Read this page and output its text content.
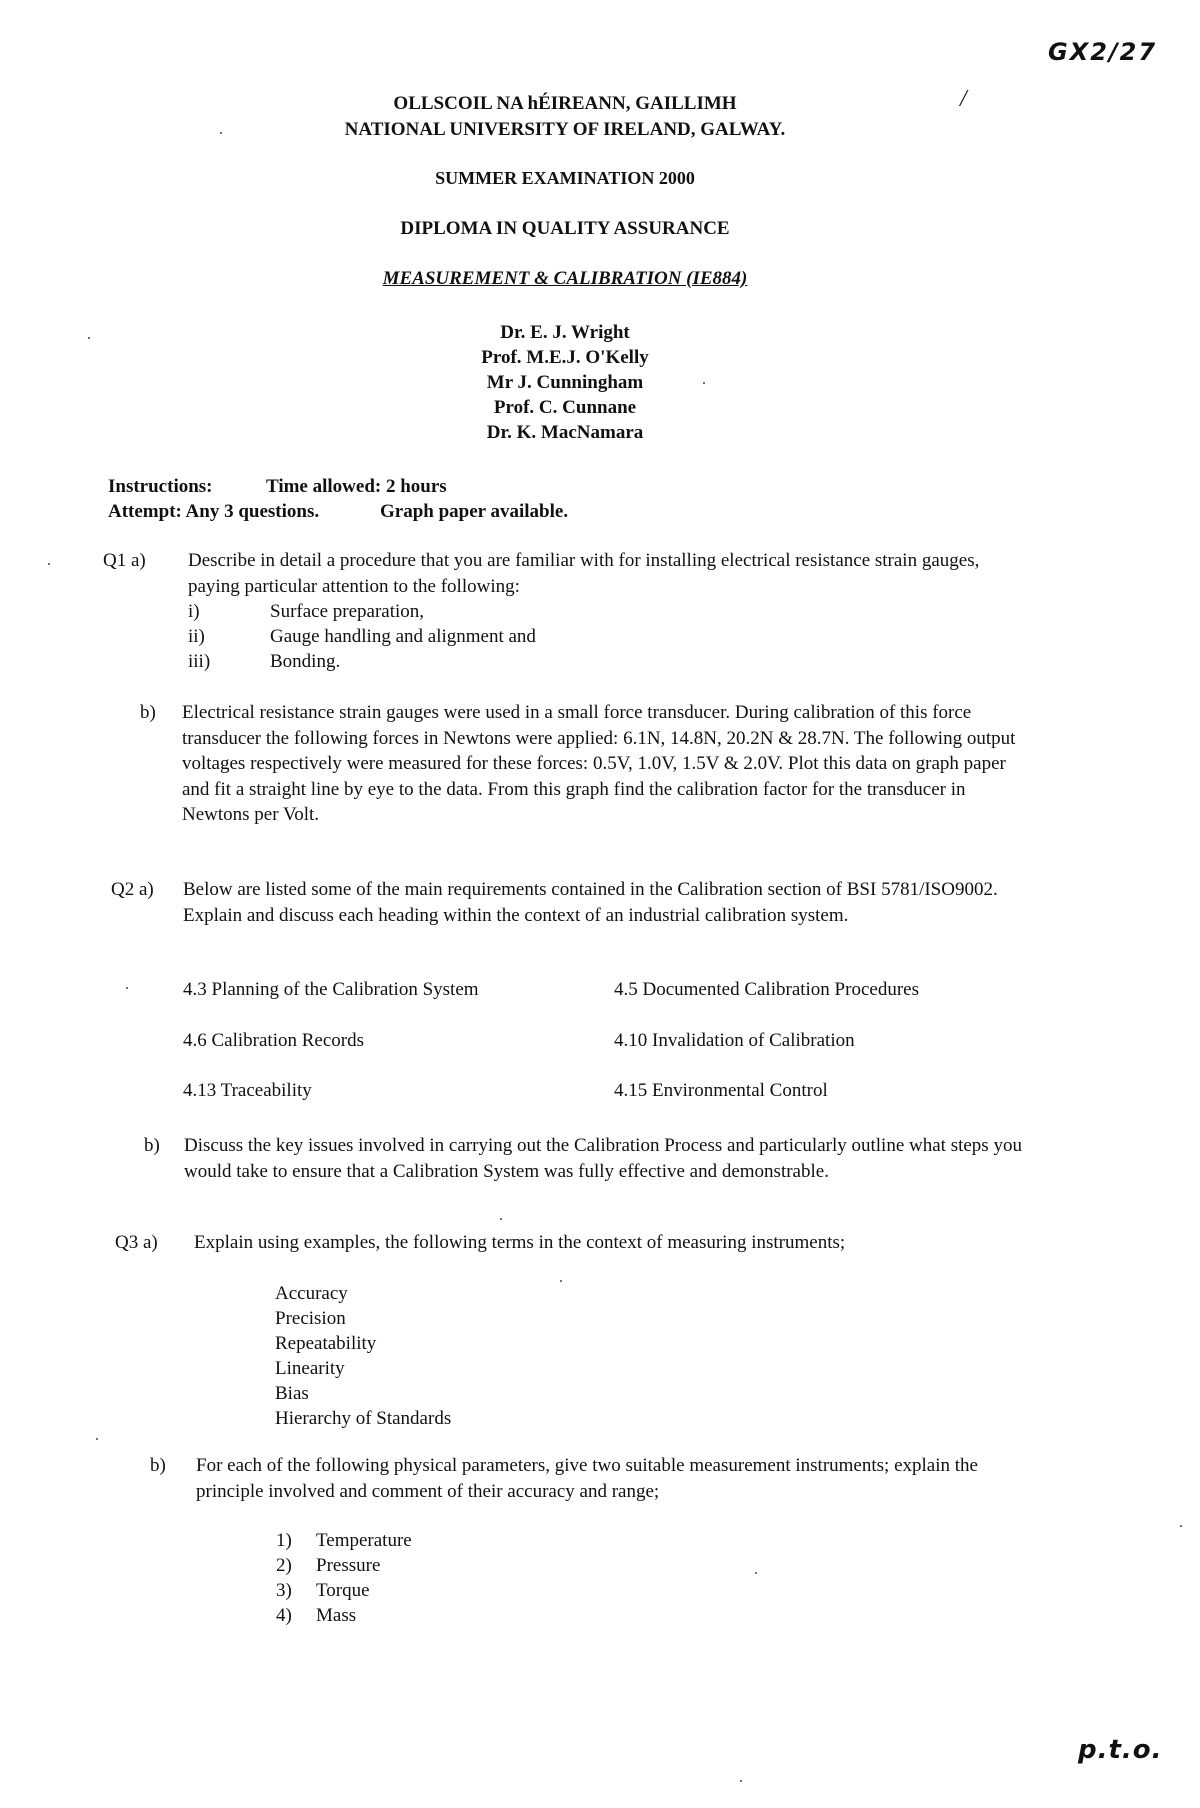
GX2/27
/
OLLSCOIL NA hÉIREANN, GAILLIMH
NATIONAL UNIVERSITY OF IRELAND, GALWAY.
SUMMER EXAMINATION 2000
DIPLOMA IN QUALITY ASSURANCE
MEASUREMENT & CALIBRATION (IE884)
Dr. E. J. Wright
Prof. M.E.J. O'Kelly
Mr J. Cunningham
Prof. C. Cunnane
Dr. K. MacNamara
Instructions:	Time allowed: 2 hours
Attempt: Any 3 questions.	Graph paper available.
Q1 a) Describe in detail a procedure that you are familiar with for installing electrical resistance strain gauges, paying particular attention to the following:
i)	Surface preparation,
ii)	Gauge handling and alignment and
iii)	Bonding.
b) Electrical resistance strain gauges were used in a small force transducer. During calibration of this force transducer the following forces in Newtons were applied: 6.1N, 14.8N, 20.2N & 28.7N. The following output voltages respectively were measured for these forces: 0.5V, 1.0V, 1.5V & 2.0V. Plot this data on graph paper and fit a straight line by eye to the data. From this graph find the calibration factor for the transducer in Newtons per Volt.
Q2 a) Below are listed some of the main requirements contained in the Calibration section of BSI 5781/ISO9002. Explain and discuss each heading within the context of an industrial calibration system.
4.3 Planning of the Calibration System	4.5 Documented Calibration Procedures
4.6 Calibration Records	4.10 Invalidation of Calibration
4.13 Traceability	4.15 Environmental Control
b) Discuss the key issues involved in carrying out the Calibration Process and particularly outline what steps you would take to ensure that a Calibration System was fully effective and demonstrable.
Q3 a) Explain using examples, the following terms in the context of measuring instruments;
Accuracy
Precision
Repeatability
Linearity
Bias
Hierarchy of Standards
b) For each of the following physical parameters, give two suitable measurement instruments; explain the principle involved and comment of their accuracy and range;
1) Temperature
2) Pressure
3) Torque
4) Mass
p.t.o.
